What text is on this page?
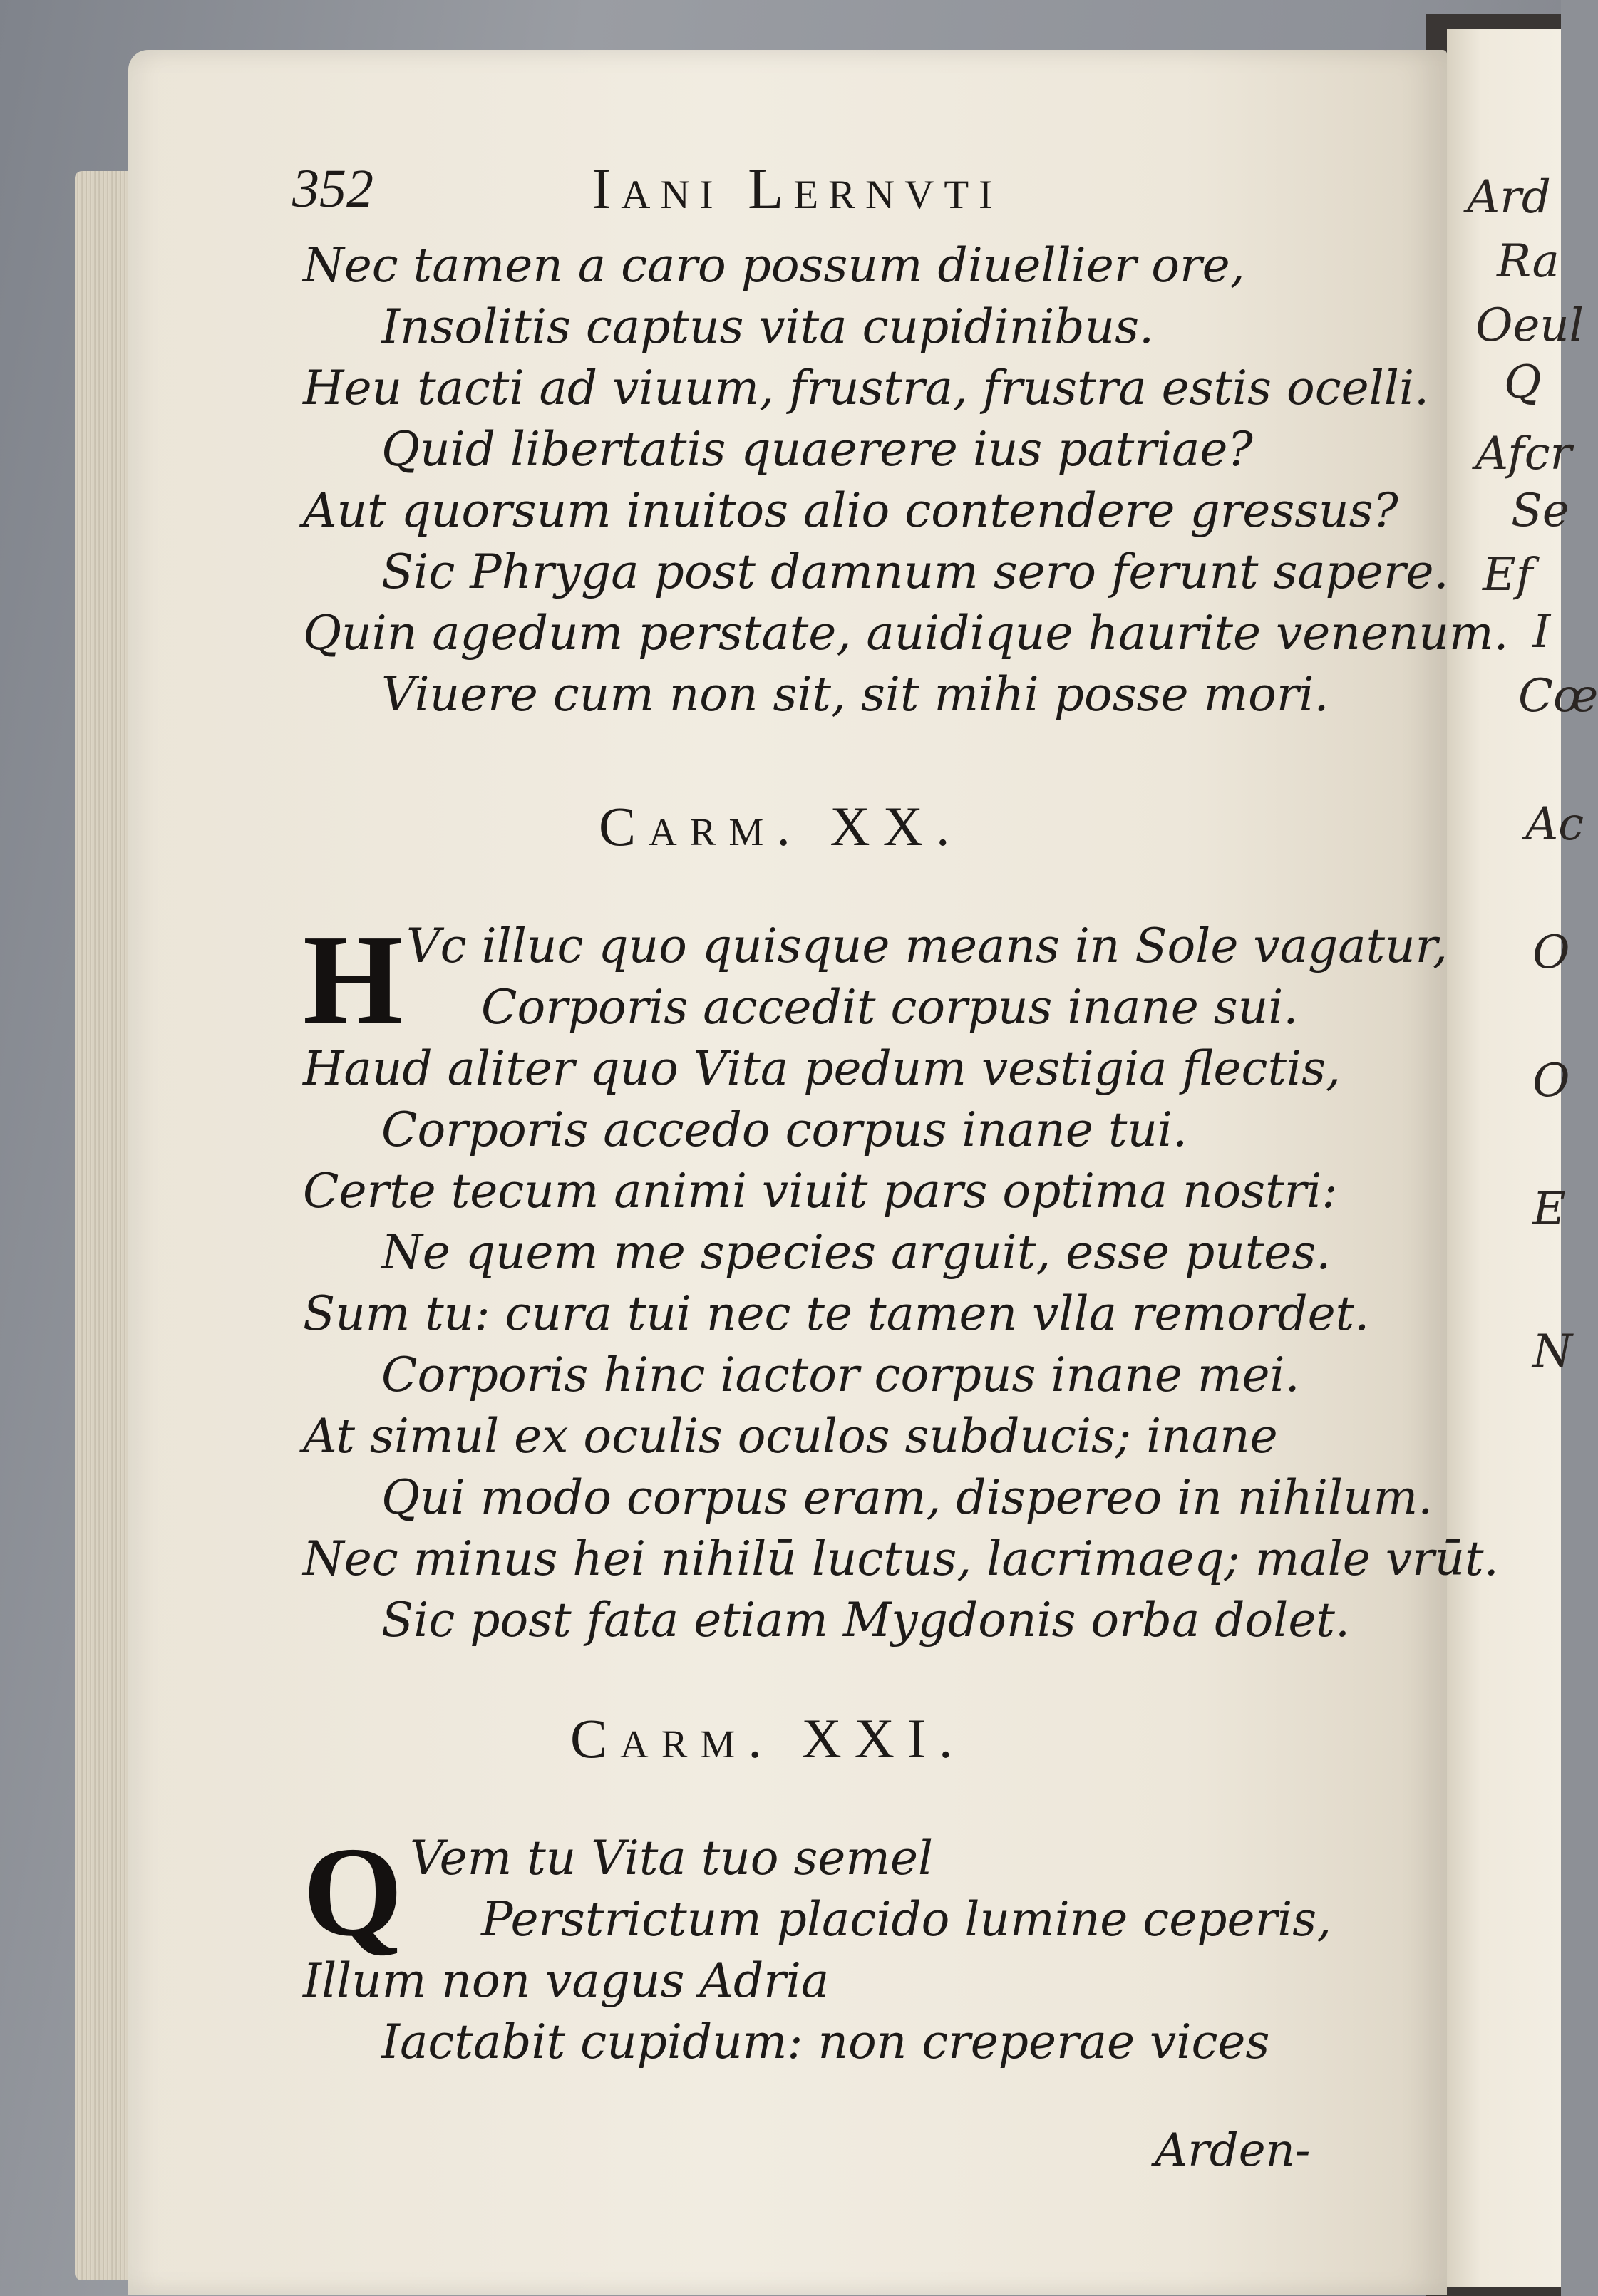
Ard
Ra
Oeul
Q
Afcr
Se
Ef
I
Cœ
Ac
O
O
E
N
352	Iani Lernvti
Nec tamen a caro possum diuellier ore,
Insolitis captus vita cupidinibus.
Heu tacti ad viuum, frustra, frustra estis ocelli.
Quid libertatis quaerere ius patriae?
Aut quorsum inuitos alio contendere gressus?
Sic Phryga post damnum sero ferunt sapere.
Quin agedum perstate, auidique haurite venenum.
Viuere cum non sit, sit mihi posse mori.
Carm. XX.
H Vc illuc quo quisque means in Sole vagatur,
Corporis accedit corpus inane sui.
Haud aliter quo Vita pedum vestigia flectis,
Corporis accedo corpus inane tui.
Certe tecum animi viuit pars optima nostri:
Ne quem me species arguit, esse putes.
Sum tu: cura tui nec te tamen vlla remordet.
Corporis hinc iactor corpus inane mei.
At simul ex oculis oculos subducis; inane
Qui modo corpus eram, dispereo in nihilum.
Nec minus hei nihilū luctus, lacrimaeq; male vrūt.
Sic post fata etiam Mygdonis orba dolet.
Carm. XXI.
Q Vem tu Vita tuo semel
Perstrictum placido lumine ceperis,
Illum non vagus Adria
Iactabit cupidum: non creperae vices
Arden-
